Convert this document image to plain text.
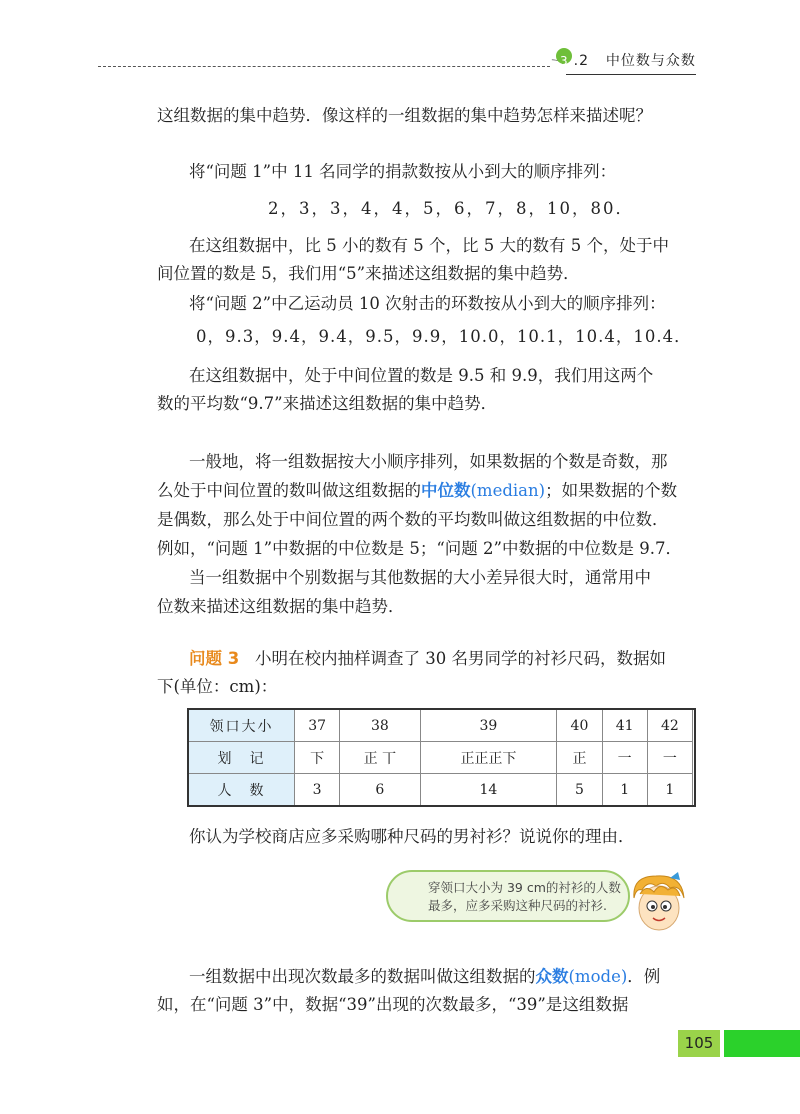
3 .2 中位数与众数
这组数据的集中趋势．像这样的一组数据的集中趋势怎样来描述呢？
将“问题 1”中 11 名同学的捐款数按从小到大的顺序排列：
2，3，3，4，4，5，6，7，8，10，80．
在这组数据中，比 5 小的数有 5 个，比 5 大的数有 5 个，处于中
间位置的数是 5，我们用“5”来描述这组数据的集中趋势．
将“问题 2”中乙运动员 10 次射击的环数按从小到大的顺序排列：
0，9.3，9.4，9.4，9.5，9.9，10.0，10.1，10.4，10.4．
在这组数据中，处于中间位置的数是 9.5 和 9.9，我们用这两个
数的平均数“9.7”来描述这组数据的集中趋势．
一般地，将一组数据按大小顺序排列，如果数据的个数是奇数，那
么处于中间位置的数叫做这组数据的中位数(median)；如果数据的个数
是偶数，那么处于中间位置的两个数的平均数叫做这组数据的中位数．
例如，“问题 1”中数据的中位数是 5；“问题 2”中数据的中位数是 9.7．
当一组数据中个别数据与其他数据的大小差异很大时，通常用中
位数来描述这组数据的集中趋势．
问题 3 小明在校内抽样调查了 30 名男同学的衬衫尺码，数据如
下(单位：cm)：
领口大小	37	38	39	40	41	42
划　记	下	正 丅	正正正下	正	一	一
人　数	3	6	14	5	1	1
你认为学校商店应多采购哪种尺码的男衬衫？说说你的理由．
穿领口大小为 39 cm的衬衫的人数
最多，应多采购这种尺码的衬衫.
一组数据中出现次数最多的数据叫做这组数据的众数(mode)．例
如，在“问题 3”中，数据“39”出现的次数最多，“39”是这组数据
105
